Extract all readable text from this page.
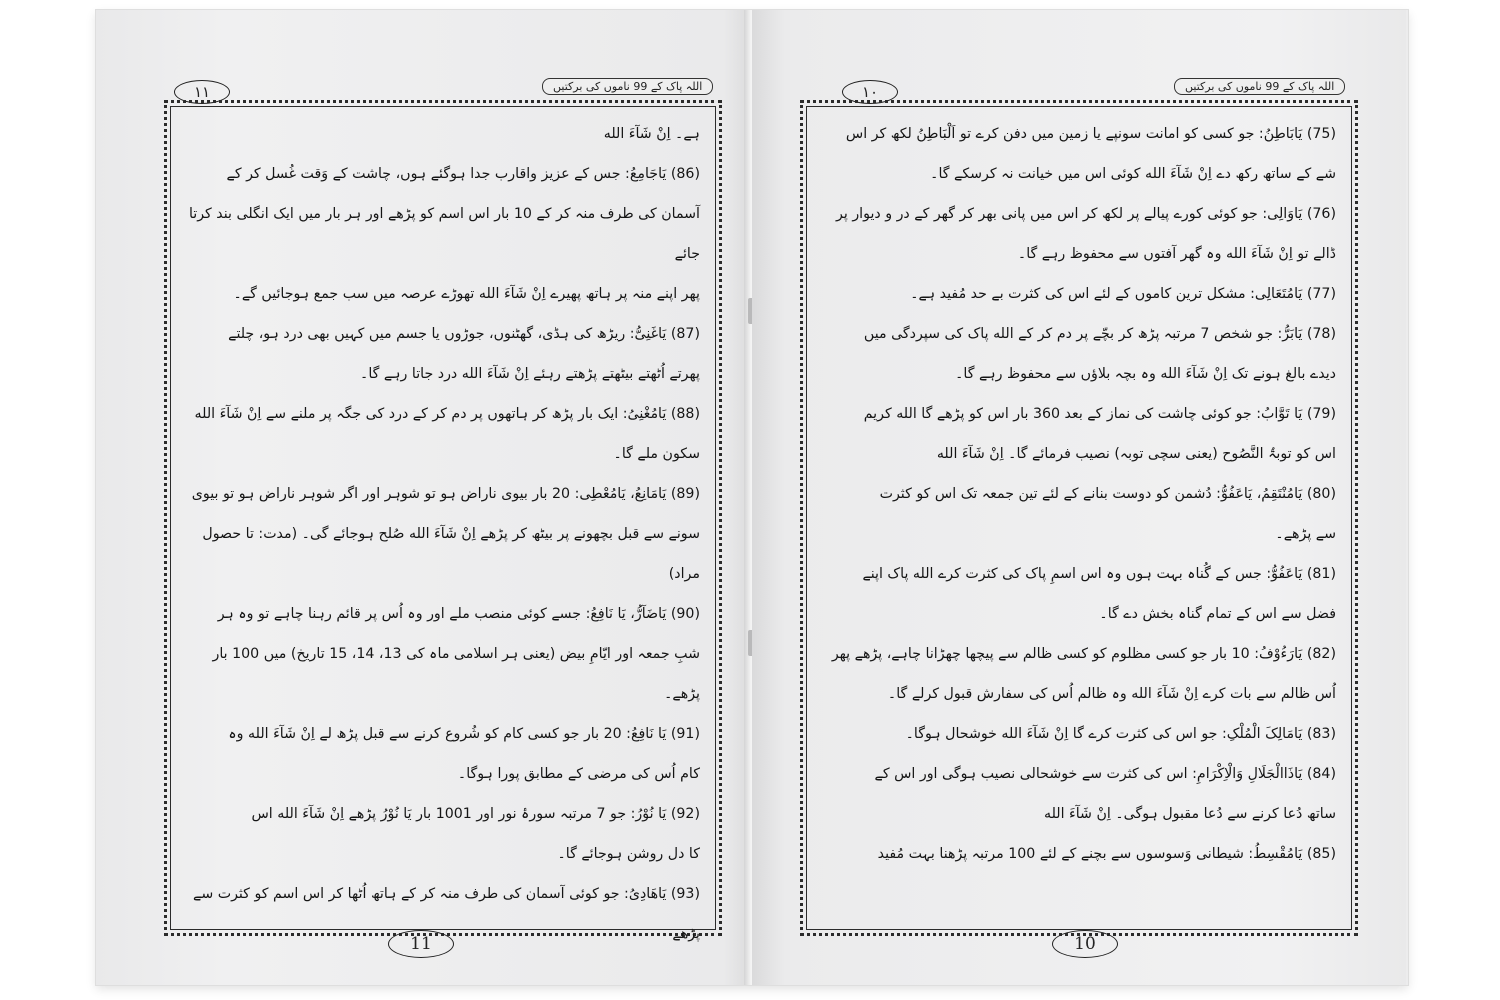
۱۱	اللہ پاک کے 99 ناموں کی برکتیں

ہے۔ اِنْ شَآءَ الله

(86) یَاجَامِعُ: جس کے عزیز واقارب جدا ہوگئے ہوں، چاشت کے وَقت غُسل کر کے

آسمان کی طرف منہ کر کے 10 بار اس اسم کو پڑھے اور ہر بار میں ایک انگلی بند کرتا جائے

پھر اپنے منہ پر ہاتھ پھیرے اِنْ شَآءَ الله تھوڑے عرصہ میں سب جمع ہوجائیں گے۔

(87) یَاغَنِیُّ: ریڑھ کی ہڈی، گھٹنوں، جوڑوں یا جسم میں کہیں بھی درد ہو، چلتے

پھرتے اُٹھتے بیٹھتے پڑھتے رہئے اِنْ شَآءَ الله درد جاتا رہے گا۔

(88) یَامُغْنِیُ: ایک بار پڑھ کر ہاتھوں پر دم کر کے درد کی جگہ پر ملنے سے اِنْ شَآءَ الله

سکون ملے گا۔

(89) یَامَانِعُ، یَامُعْطِی: 20 بار بیوی ناراض ہو تو شوہر اور اگر شوہر ناراض ہو تو بیوی

سونے سے قبل بچھونے پر بیٹھ کر پڑھے اِنْ شَآءَ الله صُلح ہوجائے گی۔ (مدت: تا حصول

مراد)

(90) یَاضَآرُّ، یَا نَافِعُ: جسے کوئی منصب ملے اور وہ اُس پر قائم رہنا چاہے تو وہ ہر

شبِ جمعہ اور ایّامِ بیض (یعنی ہر اسلامی ماہ کی 13، 14، 15 تاریخ) میں 100 بار پڑھے۔

(91) یَا نَافِعُ: 20 بار جو کسی کام کو شُروع کرنے سے قبل پڑھ لے اِنْ شَآءَ الله وہ

کام اُس کی مرضی کے مطابق پورا ہوگا۔

(92) یَا نُوْرُ: جو 7 مرتبہ سورۂ نور اور 1001 بار یَا نُوْرُ پڑھے اِنْ شَآءَ الله اس

کا دل روشن ہوجائے گا۔

(93) یَاهَادِیُ: جو کوئی آسمان کی طرف منہ کر کے ہاتھ اُٹھا کر اس اسم کو کثرت سے پڑھے

11
۱۰	اللہ پاک کے 99 ناموں کی برکتیں

(75) یَابَاطِنُ: جو کسی کو امانت سونپے یا زمین میں دفن کرے تو اَلْبَاطِنُ لکھ کر اس

شے کے ساتھ رکھ دے اِنْ شَآءَ الله کوئی اس میں خیانت نہ کرسکے گا۔

(76) یَاوَالِی: جو کوئی کورے پیالے پر لکھ کر اس میں پانی بھر کر گھر کے در و دیوار پر

ڈالے تو اِنْ شَآءَ الله وہ گھر آفتوں سے محفوظ رہے گا۔

(77) یَامُتَعَالِی: مشکل ترین کاموں کے لئے اس کی کثرت بے حد مُفید ہے۔

(78) یَابَرُّ: جو شخص 7 مرتبہ پڑھ کر بچّے پر دم کر کے الله پاک کی سپردگی میں

دیدے بالغ ہونے تک اِنْ شَآءَ الله وہ بچہ بلاؤں سے محفوظ رہے گا۔

(79) یَا تَوَّابُ: جو کوئی چاشت کی نماز کے بعد 360 بار اس کو پڑھے گا الله کریم

اس کو توبۃُ النَّصُوح (یعنی سچی توبہ) نصیب فرمائے گا۔ اِنْ شَآءَ الله

(80) یَامُنْتَقِمُ، یَاعَفُوُّ: دُشمن کو دوست بنانے کے لئے تین جمعہ تک اس کو کثرت

سے پڑھے۔

(81) یَاعَفُوُّ: جس کے گُناہ بہت ہوں وہ اس اسمِ پاک کی کثرت کرے الله پاک اپنے

فضل سے اس کے تمام گناہ بخش دے گا۔

(82) یَارَءُوْفُ: 10 بار جو کسی مظلوم کو کسی ظالم سے پیچھا چھڑانا چاہے، پڑھے پھر

اُس ظالم سے بات کرے اِنْ شَآءَ الله وہ ظالم اُس کی سفارش قبول کرلے گا۔

(83) یَامَالِکَ الْمُلْکِ: جو اس کی کثرت کرے گا اِنْ شَآءَ الله خوشحال ہوگا۔

(84) یَاذَاالْجَلَالِ وَالْاِکْرَامِ: اس کی کثرت سے خوشحالی نصیب ہوگی اور اس کے

ساتھ دُعا کرنے سے دُعا مقبول ہوگی۔ اِنْ شَآءَ الله

(85) یَامُقْسِطُ: شیطانی وَسوسوں سے بچنے کے لئے 100 مرتبہ پڑھنا بہت مُفید

10
